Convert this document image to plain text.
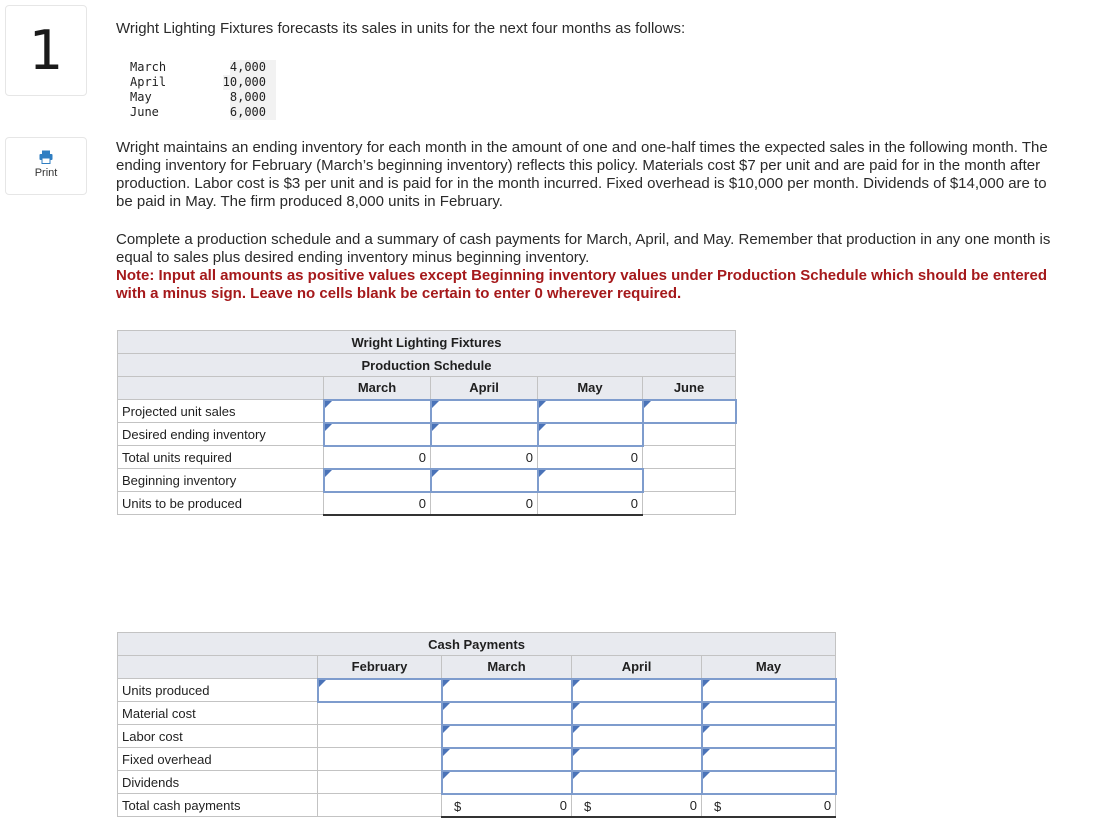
1
Print
Wright Lighting Fixtures forecasts its sales in units for the next four months as follows:
March	4,000
April	10,000
May	8,000
June	6,000
Wright maintains an ending inventory for each month in the amount of one and one-half times the expected sales in the following month. The ending inventory for February (March’s beginning inventory) reflects this policy. Materials cost $7 per unit and are paid for in the month after production. Labor cost is $3 per unit and is paid for in the month incurred. Fixed overhead is $10,000 per month. Dividends of $14,000 are to be paid in May. The firm produced 8,000 units in February.
Complete a production schedule and a summary of cash payments for March, April, and May. Remember that production in any one month is equal to sales plus desired ending inventory minus beginning inventory.
Note: Input all amounts as positive values except Beginning inventory values under Production Schedule which should be entered with a minus sign. Leave no cells blank be certain to enter 0 wherever required.
Wright Lighting Fixtures				
Production Schedule				
	March	April	May	June
Projected unit sales	

Desired ending inventory	

Total units required	0	0	0	
Beginning inventory	

Units to be produced	0	0	0	
Cash Payments				
	February	March	April	May
Units produced	

Material cost		

Labor cost		

Fixed overhead		

Dividends		

Total cash payments		$ 0	$ 0	$ 0
